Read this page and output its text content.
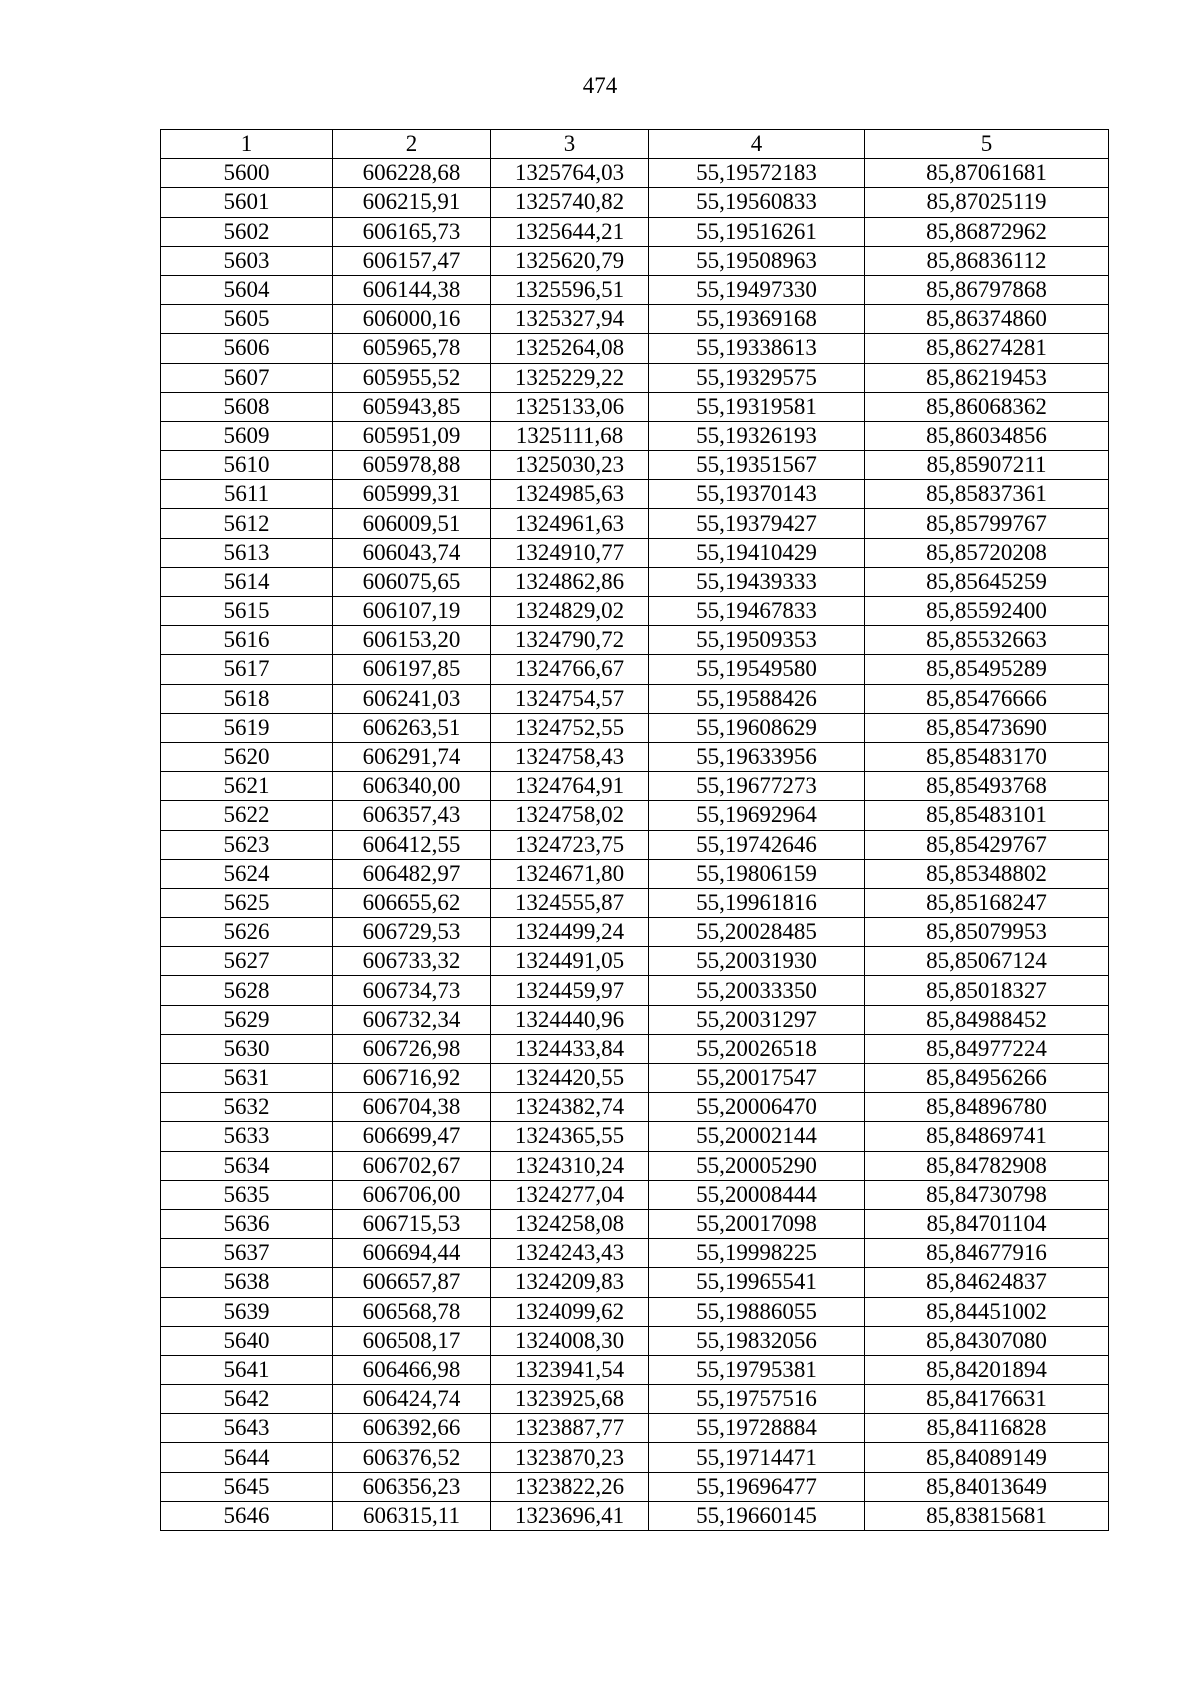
474
1	2	3	4	5
5600	606228,68	1325764,03	55,19572183	85,87061681
5601	606215,91	1325740,82	55,19560833	85,87025119
5602	606165,73	1325644,21	55,19516261	85,86872962
5603	606157,47	1325620,79	55,19508963	85,86836112
5604	606144,38	1325596,51	55,19497330	85,86797868
5605	606000,16	1325327,94	55,19369168	85,86374860
5606	605965,78	1325264,08	55,19338613	85,86274281
5607	605955,52	1325229,22	55,19329575	85,86219453
5608	605943,85	1325133,06	55,19319581	85,86068362
5609	605951,09	1325111,68	55,19326193	85,86034856
5610	605978,88	1325030,23	55,19351567	85,85907211
5611	605999,31	1324985,63	55,19370143	85,85837361
5612	606009,51	1324961,63	55,19379427	85,85799767
5613	606043,74	1324910,77	55,19410429	85,85720208
5614	606075,65	1324862,86	55,19439333	85,85645259
5615	606107,19	1324829,02	55,19467833	85,85592400
5616	606153,20	1324790,72	55,19509353	85,85532663
5617	606197,85	1324766,67	55,19549580	85,85495289
5618	606241,03	1324754,57	55,19588426	85,85476666
5619	606263,51	1324752,55	55,19608629	85,85473690
5620	606291,74	1324758,43	55,19633956	85,85483170
5621	606340,00	1324764,91	55,19677273	85,85493768
5622	606357,43	1324758,02	55,19692964	85,85483101
5623	606412,55	1324723,75	55,19742646	85,85429767
5624	606482,97	1324671,80	55,19806159	85,85348802
5625	606655,62	1324555,87	55,19961816	85,85168247
5626	606729,53	1324499,24	55,20028485	85,85079953
5627	606733,32	1324491,05	55,20031930	85,85067124
5628	606734,73	1324459,97	55,20033350	85,85018327
5629	606732,34	1324440,96	55,20031297	85,84988452
5630	606726,98	1324433,84	55,20026518	85,84977224
5631	606716,92	1324420,55	55,20017547	85,84956266
5632	606704,38	1324382,74	55,20006470	85,84896780
5633	606699,47	1324365,55	55,20002144	85,84869741
5634	606702,67	1324310,24	55,20005290	85,84782908
5635	606706,00	1324277,04	55,20008444	85,84730798
5636	606715,53	1324258,08	55,20017098	85,84701104
5637	606694,44	1324243,43	55,19998225	85,84677916
5638	606657,87	1324209,83	55,19965541	85,84624837
5639	606568,78	1324099,62	55,19886055	85,84451002
5640	606508,17	1324008,30	55,19832056	85,84307080
5641	606466,98	1323941,54	55,19795381	85,84201894
5642	606424,74	1323925,68	55,19757516	85,84176631
5643	606392,66	1323887,77	55,19728884	85,84116828
5644	606376,52	1323870,23	55,19714471	85,84089149
5645	606356,23	1323822,26	55,19696477	85,84013649
5646	606315,11	1323696,41	55,19660145	85,83815681
